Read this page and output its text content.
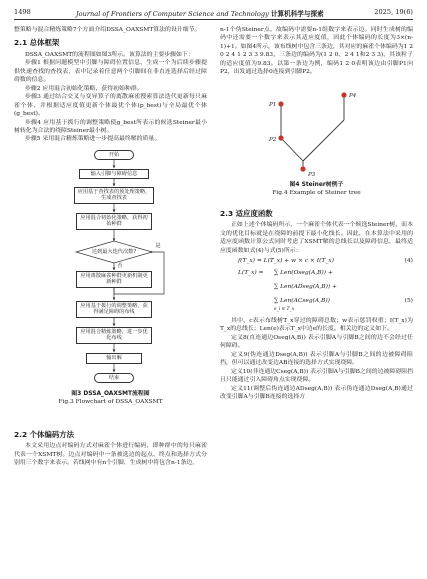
1498	Journal of Frontiers of Computer Science and Technology 计算机科学与探索	2025, 19(6)

整策略与混合精炼策略7个方面介绍DSSA_OAXSMT算法的设计细节。

2.1 总体框架

DSSA_OAXSMT的流程图如图3所示。该算法的主要步骤如下：

步骤1 根据问题模型中引脚与障碍位置信息，生成一个为后续步骤提供快速查找的查找表，表中记录着任意两个引脚间在非直连选择后经过障碍数的信息。

步骤2 应用混合初始化策略，获得初始种群。

步骤3 通过结合交叉与变异算子的离散麻雀搜索算法迭代更新每只麻雀个体，并根据适应度值更新个体最优个体(p_best)与全局最优个体(g_best)。

步骤4 应用基于拨行的调整策略使g_best所表示的候选Steiner最小树转化为合法的绕障Steiner最小树。

步骤5 采用混合精炼策略进一步提高最终解的质量。

开始
输入引脚与障碍信息
应用基于查找表的预处理策略，生成查找表
应用混合初始化策略，获得初始种群
达到最大迭代次数?
否
应用离散麻雀种群更新机制更新种群
是
应用基于拨行的调整策略，获得满足障碍的布线
应用混合精炼策略，进一步优化布线
输出解
结束
图3 DSSA_OAXSMT流程图
Fig.3 Flowchart of DSSA_OAXSMT
2.2 个体编码方法

本文采用边点对编码方式对麻雀个体进行编码，即种群中的每只麻雀代表一个XSMT树。边点对编码中一条被选边的起点、终点和选择方式分别用三个数字来表示。若线网中有n个引脚，生成树中将包含n-1条边，

n-1个伪Steiner点，故编码中需要n-1组数字来表示边。同时生成树的编码中还需要一个数字来表示其适应度值，因此个体编码的长度为3×(n-1)+1。如图4所示，该布线树中包含三条边，其对应的麻雀个体编码为1 2 0 2 4 1 2 3 3 9.83，三条边的编码为(1 2 0、2 4 1和2 3 3)，其该粒子的适应度值为9.83。以第一条边为例，编码1 2 0表明该边由引脚P1向P2，出发通过选择0连接到引脚P2。

P1
P2
P3
P4
图4 Steiner树例子
Fig.4 Example of Steiner tree
2.3 适应度函数

正如上述个体编码所示，一个麻雀个体代表一个候选Steiner树，而本文的优化目标就是在绕障的前提下最小化线长。因此，在本算法中采用的适应度函数计算公式同时考虑了XSMT解的总线长以及障碍信息，最终适应度函数如式(4)与式(5)所示：

f(T_x) = L(T_x) + w × c × I(T_x)	(4)
L(T_x) = ∑ Len(Oseg(A,B)) +
∑ Len(ADseg(A,B)) +
∑ Len(ACseg(A,B))
e_i ∈ T_x
(5)

其中，c表示布线树T_x穿过的障碍总数；w表示惩罚权重；I(T_x)为T_x的总线长；Len(e)表示T_x中边e的长度。相关边的定义如下。

定义8(直连通边Oseg(A,B)) 表示引脚A与引脚B之间的边不会经过任何障碍。

定义9(伪连通边Dseg(A,B)) 表示引脚A与引脚B之间的边被障碍阻挡，但可以通过改变边AB连接的选择方式实现绕障。

定义10(非连通边Cseg(A,B)) 表示引脚A与引脚B之间的边被障碍阻挡且只能通过引入障碍角点实现绕障。

定义11(调整后伪连通边ADseg(A,B)) 表示伪连通边Dseg(A,B)通过改变引脚A与引脚B连接的选择方
